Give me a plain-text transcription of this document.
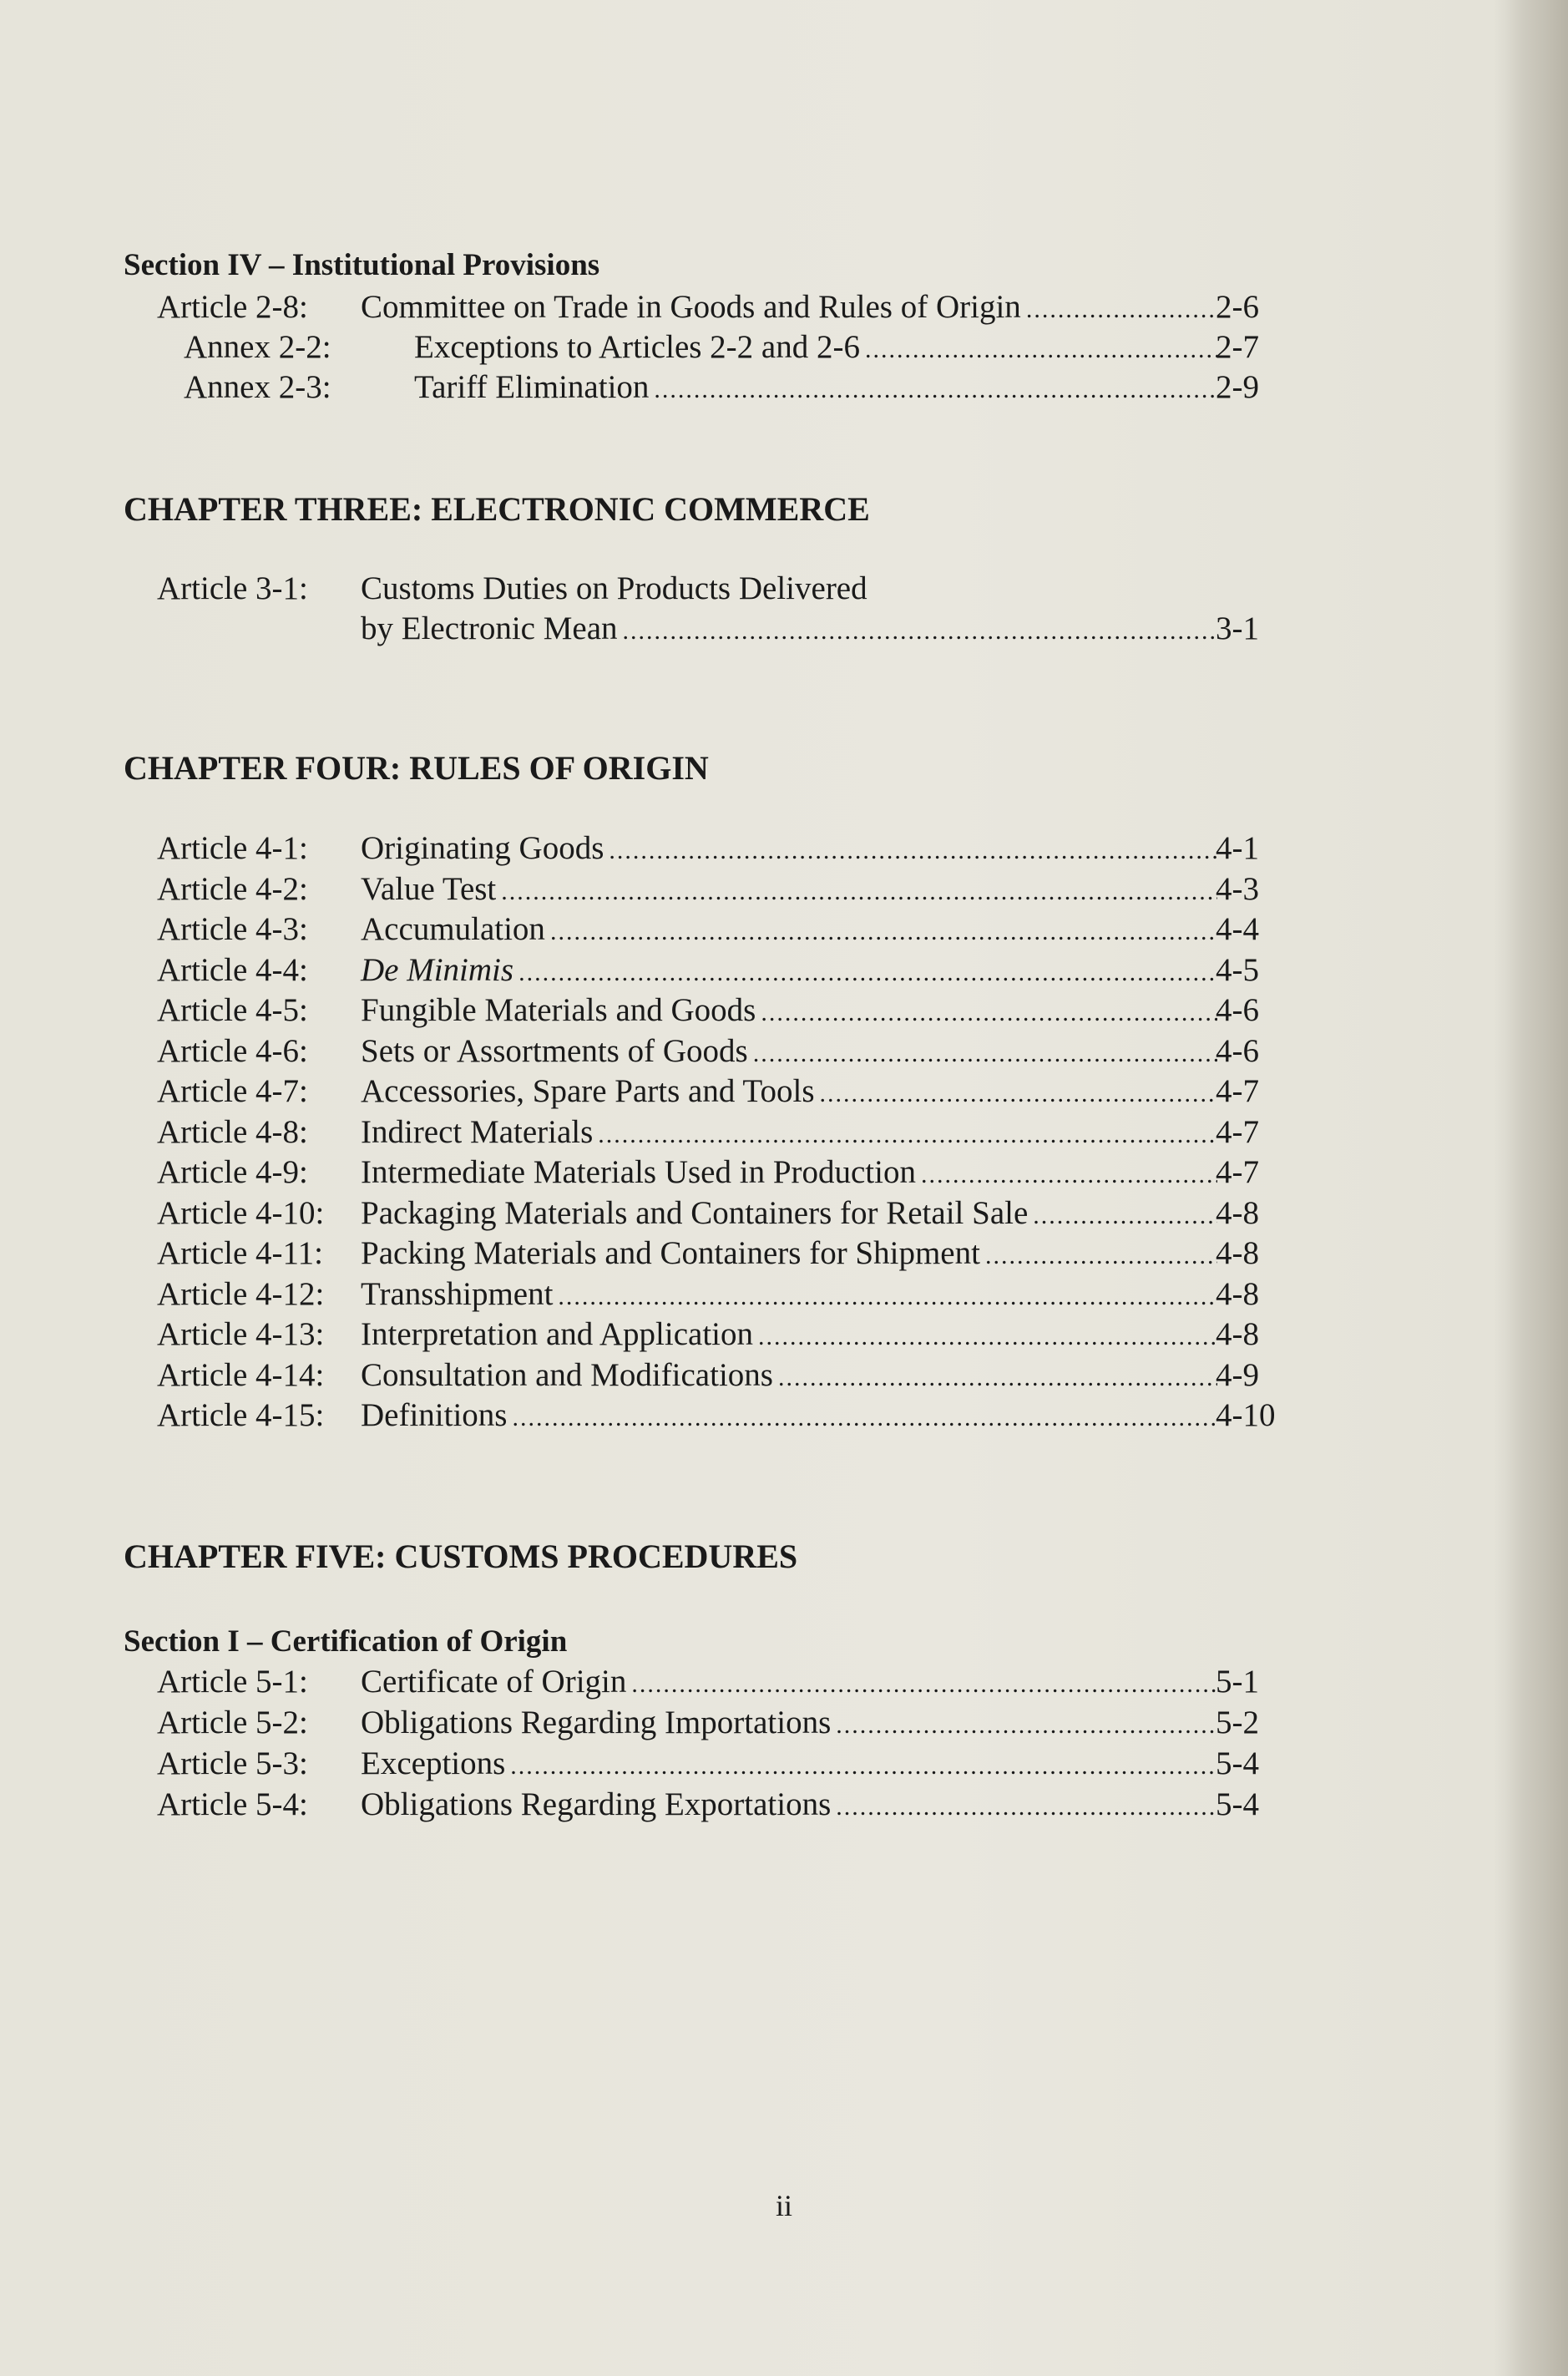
Section IV – Institutional Provisions
Article 2-8: Committee on Trade in Goods and Rules of Origin .....	2-6
Annex 2-2:	Exceptions to Articles 2-2 and 2-6 .....	2-7
Annex 2-3:	Tariff Elimination .....	2-9
CHAPTER THREE: ELECTRONIC COMMERCE
Article 3-1: Customs Duties on Products Delivered
by Electronic Mean .....	3-1
CHAPTER FOUR: RULES OF ORIGIN
Article 4-1: Originating Goods .....	4-1
Article 4-2: Value Test .....	4-3
Article 4-3: Accumulation .....	4-4
Article 4-4: De Minimis .....	4-5
Article 4-5: Fungible Materials and Goods .....	4-6
Article 4-6: Sets or Assortments of Goods .....	4-6
Article 4-7: Accessories, Spare Parts and Tools .....	4-7
Article 4-8: Indirect Materials .....	4-7
Article 4-9: Intermediate Materials Used in Production .....	4-7
Article 4-10: Packaging Materials and Containers for Retail Sale .....	4-8
Article 4-11: Packing Materials and Containers for Shipment .....	4-8
Article 4-12: Transshipment .....	4-8
Article 4-13: Interpretation and Application .....	4-8
Article 4-14: Consultation and Modifications .....	4-9
Article 4-15: Definitions .....	4-10
CHAPTER FIVE: CUSTOMS PROCEDURES
Section I – Certification of Origin
Article 5-1: Certificate of Origin .....	5-1
Article 5-2: Obligations Regarding Importations .....	5-2
Article 5-3: Exceptions .....	5-4
Article 5-4: Obligations Regarding Exportations .....	5-4
ii
